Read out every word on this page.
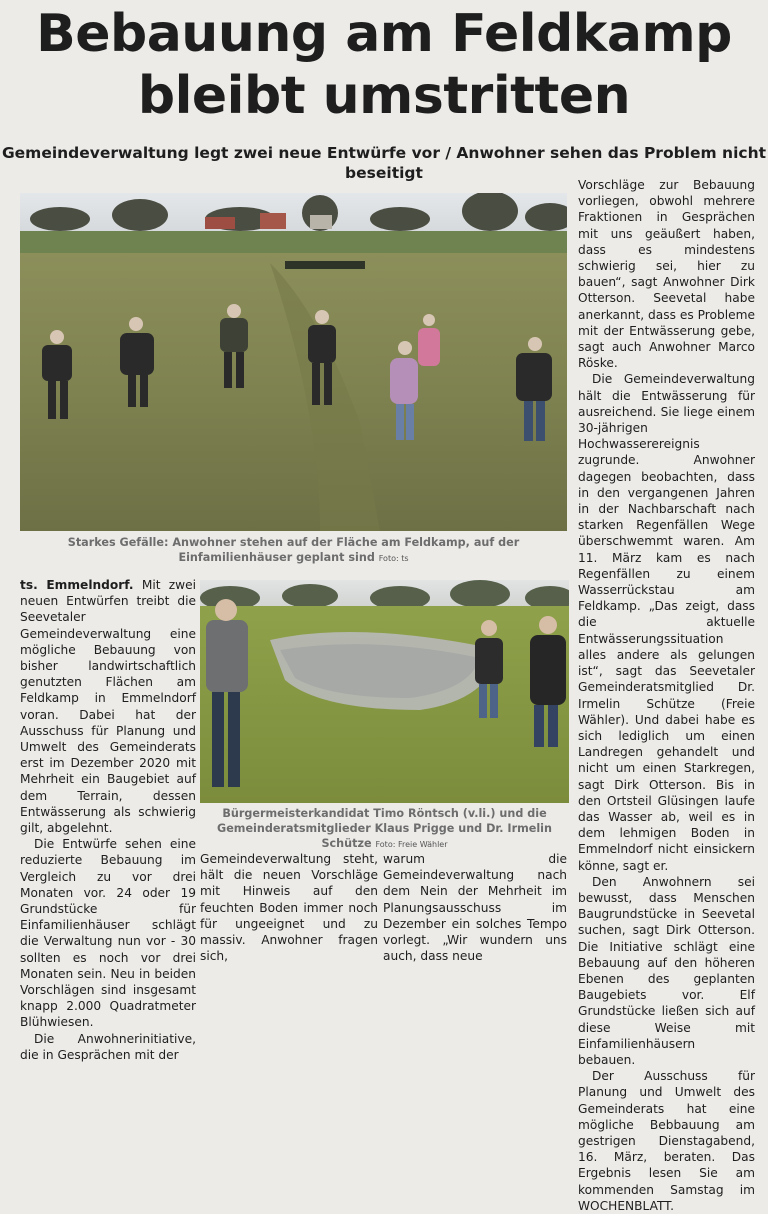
Bebauung am Feldkamp
bleibt umstritten
Gemeindeverwaltung legt zwei neue Entwürfe vor / Anwohner sehen das Problem nicht beseitigt
Starkes Gefälle: Anwohner stehen auf der Fläche am Feldkamp, auf der Einfamilienhäuser geplant sind Foto: ts

ts. Emmelndorf. Mit zwei neuen Entwürfen treibt die Seevetaler Gemeindeverwaltung eine mögliche Bebauung von bisher landwirtschaftlich genutzten Flächen am Feldkamp in Emmelndorf voran. Dabei hat der Ausschuss für Planung und Umwelt des Gemeinderats erst im Dezember 2020 mit Mehrheit ein Baugebiet auf dem Terrain, dessen Entwässerung als schwierig gilt, abgelehnt.

Die Entwürfe sehen eine reduzierte Bebauung im Vergleich zu vor drei Monaten vor. 24 oder 19 Grundstücke für Einfamilienhäuser schlägt die Verwaltung nun vor - 30 sollten es noch vor drei Monaten sein. Neu in beiden Vorschlägen sind insgesamt knapp 2.000 Quadratmeter Blühwiesen.

Die Anwohnerinitiative, die in Gesprächen mit der

Bürgermeisterkandidat Timo Röntsch (v.li.) und die Gemeinderatsmitglieder Klaus Prigge und Dr. Irmelin Schütze Foto: Freie Wähler

Gemeindeverwaltung steht, hält die neuen Vorschläge mit Hinweis auf den feuchten Boden immer noch für ungeeignet und zu massiv. Anwohner fragen sich,

warum die Gemeindeverwaltung nach dem Nein der Mehrheit im Planungsausschuss im Dezember ein solches Tempo vorlegt. „Wir wundern uns auch, dass neue

Vorschläge zur Bebauung vorliegen, obwohl mehrere Fraktionen in Gesprächen mit uns geäußert haben, dass es mindestens schwierig sei, hier zu bauen“, sagt Anwohner Dirk Otterson. Seevetal habe anerkannt, dass es Probleme mit der Entwässerung gebe, sagt auch Anwohner Marco Röske.

Die Gemeindeverwaltung hält die Entwässerung für ausreichend. Sie liege einem 30-jährigen Hochwasserereignis zugrunde. Anwohner dagegen beobachten, dass in den vergangenen Jahren in der Nachbarschaft nach starken Regenfällen Wege überschwemmt waren. Am 11. März kam es nach Regenfällen zu einem Wasserrückstau am Feldkamp. „Das zeigt, dass die aktuelle Entwässerungssituation alles andere als gelungen ist“, sagt das Seevetaler Gemeinderatsmitglied Dr. Irmelin Schütze (Freie Wähler). Und dabei habe es sich lediglich um einen Landregen gehandelt und nicht um einen Starkregen, sagt Dirk Otterson. Bis in den Ortsteil Glüsingen laufe das Wasser ab, weil es in dem lehmigen Boden in Emmelndorf nicht einsickern könne, sagt er.

Den Anwohnern sei bewusst, dass Menschen Baugrundstücke in Seevetal suchen, sagt Dirk Otterson. Die Initiative schlägt eine Bebauung auf den höheren Ebenen des geplanten Baugebiets vor. Elf Grundstücke ließen sich auf diese Weise mit Einfamilienhäusern bebauen.

Der Ausschuss für Planung und Umwelt des Gemeinderats hat eine mögliche Bebbauung am gestrigen Dienstagabend, 16. März, beraten. Das Ergebnis lesen Sie am kommenden Samstag im WOCHENBLATT.
